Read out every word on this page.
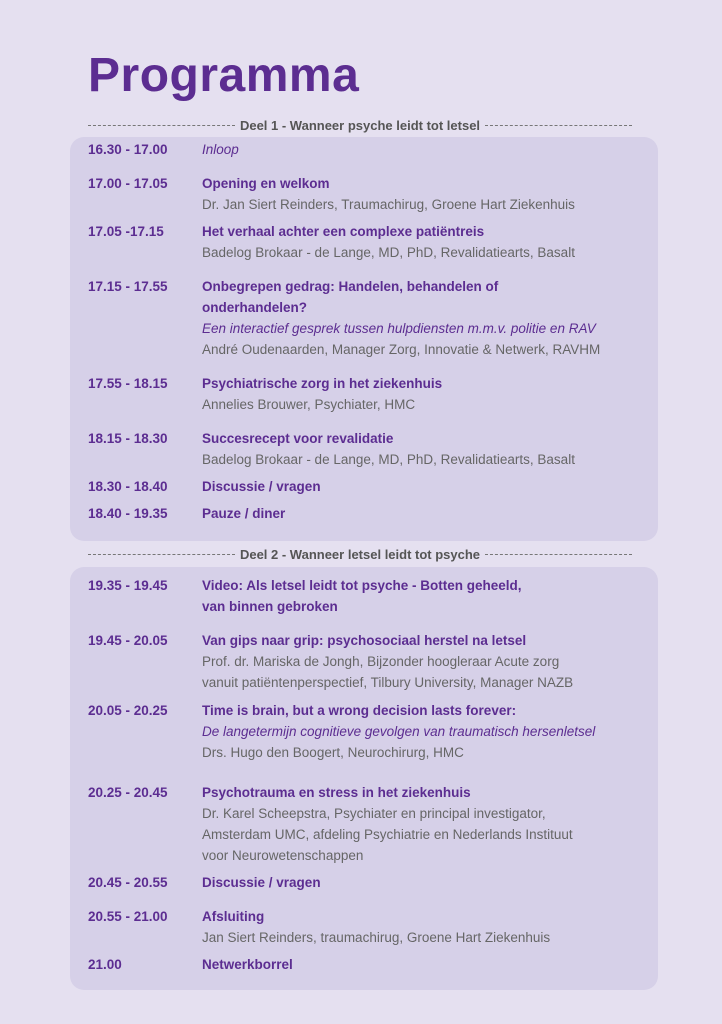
Programma
Deel 1 - Wanneer psyche leidt tot letsel
Deel 2 - Wanneer letsel leidt tot psyche
16.30 - 17.00	Inloop
17.00 - 17.05	Opening en welkom
Dr. Jan Siert Reinders, Traumachirug, Groene Hart Ziekenhuis
17.05 -17.15	Het verhaal achter een complexe patiëntreis
Badelog Brokaar - de Lange, MD, PhD, Revalidatiearts, Basalt
17.15 - 17.55	Onbegrepen gedrag: Handelen, behandelen of
onderhandelen?
Een interactief gesprek tussen hulpdiensten m.m.v. politie en RAV
André Oudenaarden, Manager Zorg, Innovatie & Netwerk, RAVHM
17.55 - 18.15	Psychiatrische zorg in het ziekenhuis
Annelies Brouwer, Psychiater, HMC
18.15 - 18.30	Succesrecept voor revalidatie
Badelog Brokaar - de Lange, MD, PhD, Revalidatiearts, Basalt
18.30 - 18.40	Discussie / vragen
18.40 - 19.35	Pauze / diner
19.35 - 19.45	Video: Als letsel leidt tot psyche - Botten geheeld,
van binnen gebroken
19.45 - 20.05	Van gips naar grip: psychosociaal herstel na letsel
Prof. dr. Mariska de Jongh, Bijzonder hoogleraar Acute zorg
vanuit patiëntenperspectief, Tilbury University, Manager NAZB
20.05 - 20.25	Time is brain, but a wrong decision lasts forever:
De langetermijn cognitieve gevolgen van traumatisch hersenletsel
Drs. Hugo den Boogert, Neurochirurg, HMC
20.25 - 20.45	Psychotrauma en stress in het ziekenhuis
Dr. Karel Scheepstra, Psychiater en principal investigator,
Amsterdam UMC, afdeling Psychiatrie en Nederlands Instituut
voor Neurowetenschappen
20.45 - 20.55	Discussie / vragen
20.55 - 21.00	Afsluiting
Jan Siert Reinders, traumachirug, Groene Hart Ziekenhuis
21.00	Netwerkborrel
